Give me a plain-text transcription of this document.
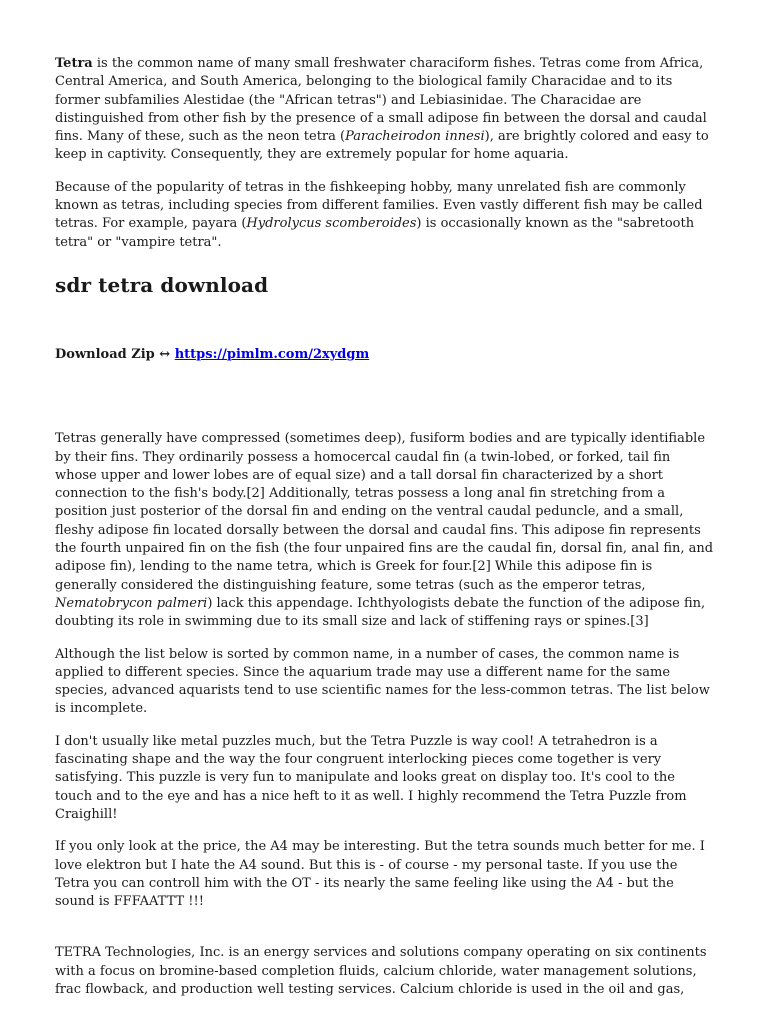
Tetra is the common name of many small freshwater characiform fishes. Tetras come from Africa, Central America, and South America, belonging to the biological family Characidae and to its former subfamilies Alestidae (the "African tetras") and Lebiasinidae. The Characidae are distinguished from other fish by the presence of a small adipose fin between the dorsal and caudal fins. Many of these, such as the neon tetra (Paracheirodon innesi), are brightly colored and easy to keep in captivity. Consequently, they are extremely popular for home aquaria.

Because of the popularity of tetras in the fishkeeping hobby, many unrelated fish are commonly known as tetras, including species from different families. Even vastly different fish may be called tetras. For example, payara (Hydrolycus scomberoides) is occasionally known as the "sabretooth tetra" or "vampire tetra".

sdr tetra download

Download Zip ↔ https://pimlm.com/2xydgm

Tetras generally have compressed (sometimes deep), fusiform bodies and are typically identifiable by their fins. They ordinarily possess a homocercal caudal fin (a twin-lobed, or forked, tail fin whose upper and lower lobes are of equal size) and a tall dorsal fin characterized by a short connection to the fish's body.[2] Additionally, tetras possess a long anal fin stretching from a position just posterior of the dorsal fin and ending on the ventral caudal peduncle, and a small, fleshy adipose fin located dorsally between the dorsal and caudal fins. This adipose fin represents the fourth unpaired fin on the fish (the four unpaired fins are the caudal fin, dorsal fin, anal fin, and adipose fin), lending to the name tetra, which is Greek for four.[2] While this adipose fin is generally considered the distinguishing feature, some tetras (such as the emperor tetras, Nematobrycon palmeri) lack this appendage. Ichthyologists debate the function of the adipose fin, doubting its role in swimming due to its small size and lack of stiffening rays or spines.[3]

Although the list below is sorted by common name, in a number of cases, the common name is applied to different species. Since the aquarium trade may use a different name for the same species, advanced aquarists tend to use scientific names for the less-common tetras. The list below is incomplete.

I don't usually like metal puzzles much, but the Tetra Puzzle is way cool! A tetrahedron is a fascinating shape and the way the four congruent interlocking pieces come together is very satisfying. This puzzle is very fun to manipulate and looks great on display too. It's cool to the touch and to the eye and has a nice heft to it as well. I highly recommend the Tetra Puzzle from Craighill!

If you only look at the price, the A4 may be interesting. But the tetra sounds much better for me. I love elektron but I hate the A4 sound. But this is - of course - my personal taste. If you use the Tetra you can controll him with the OT - its nearly the same feeling like using the A4 - but the sound is FFFAATTT !!!

TETRA Technologies, Inc. is an energy services and solutions company operating on six continents with a focus on bromine-based completion fluids, calcium chloride, water management solutions, frac flowback, and production well testing services. Calcium chloride is used in the oil and gas,
